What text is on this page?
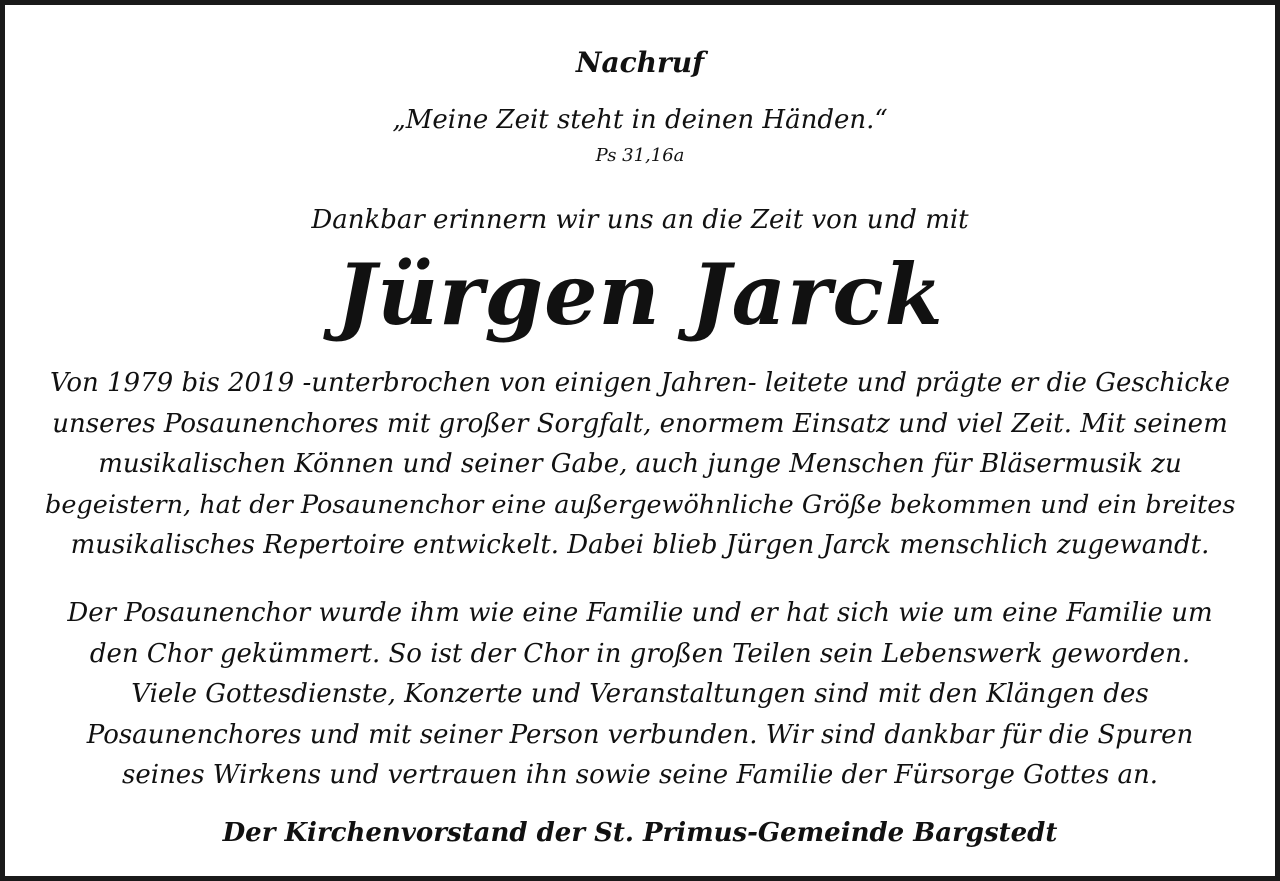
Nachruf
„Meine Zeit steht in deinen Händen.“
Ps 31,16a
Dankbar erinnern wir uns an die Zeit von und mit
Jürgen Jarck
Von 1979 bis 2019 -unterbrochen von einigen Jahren- leitete und prägte er die Geschicke
unseres Posaunenchores mit großer Sorgfalt, enormem Einsatz und viel Zeit. Mit seinem
musikalischen Können und seiner Gabe, auch junge Menschen für Bläsermusik zu
begeistern, hat der Posaunenchor eine außergewöhnliche Größe bekommen und ein breites
musikalisches Repertoire entwickelt. Dabei blieb Jürgen Jarck menschlich zugewandt.
Der Posaunenchor wurde ihm wie eine Familie und er hat sich wie um eine Familie um
den Chor gekümmert. So ist der Chor in großen Teilen sein Lebenswerk geworden.
Viele Gottesdienste, Konzerte und Veranstaltungen sind mit den Klängen des
Posaunenchores und mit seiner Person verbunden. Wir sind dankbar für die Spuren
seines Wirkens und vertrauen ihn sowie seine Familie der Fürsorge Gottes an.
Der Kirchenvorstand der St. Primus-Gemeinde Bargstedt
